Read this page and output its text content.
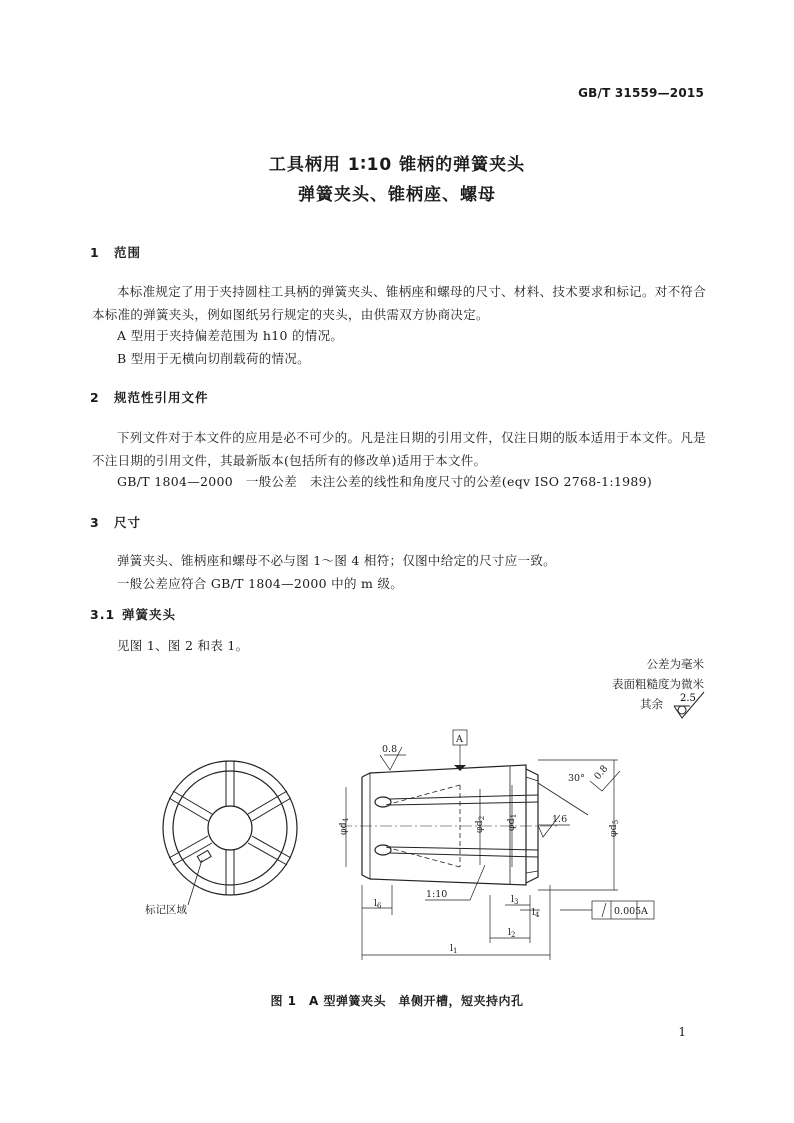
GB/T 31559—2015
工具柄用 1∶10 锥柄的弹簧夹头
弹簧夹头、锥柄座、螺母
1 范围
本标准规定了用于夹持圆柱工具柄的弹簧夹头、锥柄座和螺母的尺寸、材料、技术要求和标记。对不符合本标准的弹簧夹头，例如图纸另行规定的夹头，由供需双方协商决定。
A 型用于夹持偏差范围为 h10 的情况。
B 型用于无横向切削载荷的情况。
2 规范性引用文件
下列文件对于本文件的应用是必不可少的。凡是注日期的引用文件，仅注日期的版本适用于本文件。凡是不注日期的引用文件，其最新版本(包括所有的修改单)适用于本文件。
GB/T 1804—2000　一般公差　未注公差的线性和角度尺寸的公差(eqv ISO 2768-1:1989)
3 尺寸
弹簧夹头、锥柄座和螺母不必与图 1～图 4 相符；仅图中给定的尺寸应一致。
一般公差应符合 GB/T 1804—2000 中的 m 级。
3.1 弹簧夹头
见图 1、图 2 和表 1。
公差为毫米
表面粗糙度为微米
其余 2.5
0.8
A
30° 0.8
1.6
1:10
0.005 A
$\varphi d_4$
$\varphi d_2$
$\varphi d_1$
$\varphi d_5$
$l_6$
$l_3$
$l_4$
$l_2$
$l_1$
标记区域
图 1　A 型弹簧夹头　单侧开槽，短夹持内孔
1
